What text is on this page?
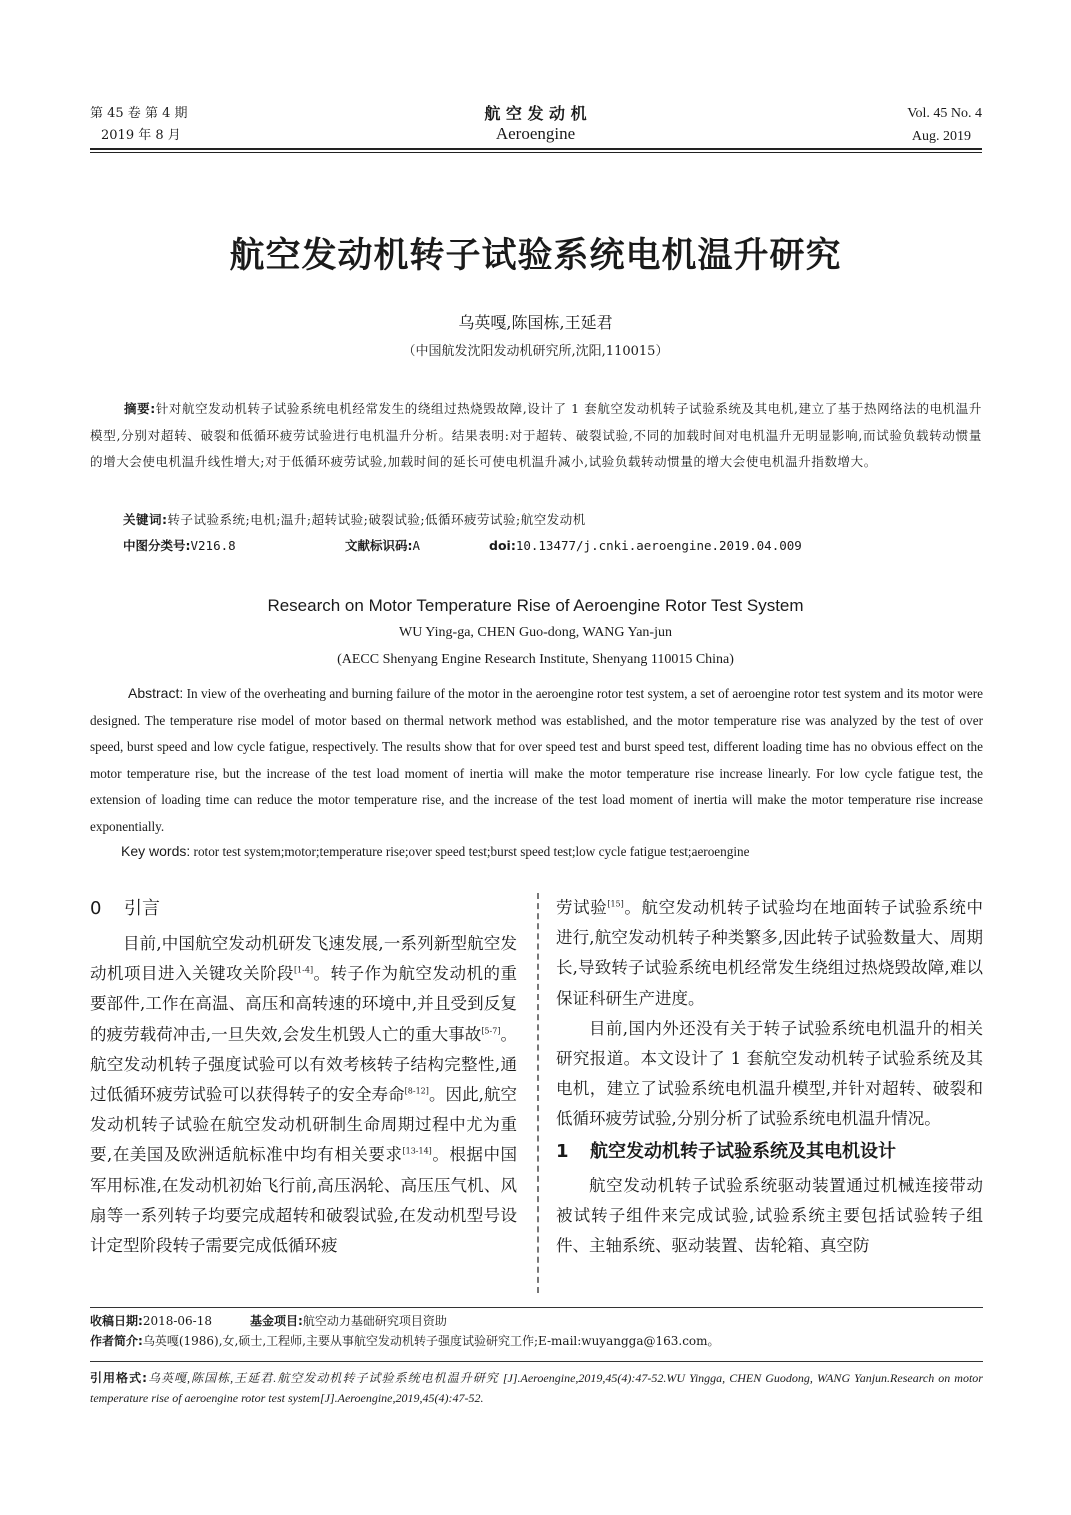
第 45 卷 第 4 期
2019 年 8 月
航 空 发 动 机
Aeroengine
Vol. 45 No. 4
Aug. 2019
航空发动机转子试验系统电机温升研究
乌英嘎,陈国栋,王延君
（中国航发沈阳发动机研究所,沈阳,110015）
摘要:针对航空发动机转子试验系统电机经常发生的绕组过热烧毁故障,设计了 1 套航空发动机转子试验系统及其电机,建立了基于热网络法的电机温升模型,分别对超转、破裂和低循环疲劳试验进行电机温升分析。结果表明:对于超转、破裂试验,不同的加载时间对电机温升无明显影响,而试验负载转动惯量的增大会使电机温升线性增大;对于低循环疲劳试验,加载时间的延长可使电机温升减小,试验负载转动惯量的增大会使电机温升指数增大。
关键词:转子试验系统;电机;温升;超转试验;破裂试验;低循环疲劳试验;航空发动机
中图分类号:V216.8	文献标识码:A	doi:10.13477/j.cnki.aeroengine.2019.04.009
Research on Motor Temperature Rise of Aeroengine Rotor Test System
WU Ying-ga, CHEN Guo-dong, WANG Yan-jun
(AECC Shenyang Engine Research Institute, Shenyang 110015 China)
Abstract: In view of the overheating and burning failure of the motor in the aeroengine rotor test system, a set of aeroengine rotor test system and its motor were designed. The temperature rise model of motor based on thermal network method was established, and the motor temperature rise was analyzed by the test of over speed, burst speed and low cycle fatigue, respectively. The results show that for over speed test and burst speed test, different loading time has no obvious effect on the motor temperature rise, but the increase of the test load moment of inertia will make the motor temperature rise increase linearly. For low cycle fatigue test, the extension of loading time can reduce the motor temperature rise, and the increase of the test load moment of inertia will make the motor temperature rise increase exponentially.
Key words: rotor test system;motor;temperature rise;over speed test;burst speed test;low cycle fatigue test;aeroengine
0 引言

目前,中国航空发动机研发飞速发展,一系列新型航空发动机项目进入关键攻关阶段[1-4]。转子作为航空发动机的重要部件,工作在高温、高压和高转速的环境中,并且受到反复的疲劳载荷冲击,一旦失效,会发生机毁人亡的重大事故[5-7]。航空发动机转子强度试验可以有效考核转子结构完整性,通过低循环疲劳试验可以获得转子的安全寿命[8-12]。因此,航空发动机转子试验在航空发动机研制生命周期过程中尤为重要,在美国及欧洲适航标准中均有相关要求[13-14]。根据中国军用标准,在发动机初始飞行前,高压涡轮、高压压气机、风扇等一系列转子均要完成超转和破裂试验,在发动机型号设计定型阶段转子需要完成低循环疲

劳试验[15]。航空发动机转子试验均在地面转子试验系统中进行,航空发动机转子种类繁多,因此转子试验数量大、周期长,导致转子试验系统电机经常发生绕组过热烧毁故障,难以保证科研生产进度。

目前,国内外还没有关于转子试验系统电机温升的相关研究报道。本文设计了 1 套航空发动机转子试验系统及其电机，建立了试验系统电机温升模型,并针对超转、破裂和低循环疲劳试验,分别分析了试验系统电机温升情况。

1 航空发动机转子试验系统及其电机设计

航空发动机转子试验系统驱动装置通过机械连接带动被试转子组件来完成试验,试验系统主要包括试验转子组件、主轴系统、驱动装置、齿轮箱、真空防

收稿日期:2018-06-18	基金项目:航空动力基础研究项目资助
作者简介:乌英嘎(1986),女,硕士,工程师,主要从事航空发动机转子强度试验研究工作;E-mail:wuyangga@163.com。
引用格式:乌英嘎,陈国栋,王延君.航空发动机转子试验系统电机温升研究 [J].Aeroengine,2019,45(4):47-52.WU Yingga, CHEN Guodong, WANG Yanjun.Research on motor temperature rise of aeroengine rotor test system[J].Aeroengine,2019,45(4):47-52.
